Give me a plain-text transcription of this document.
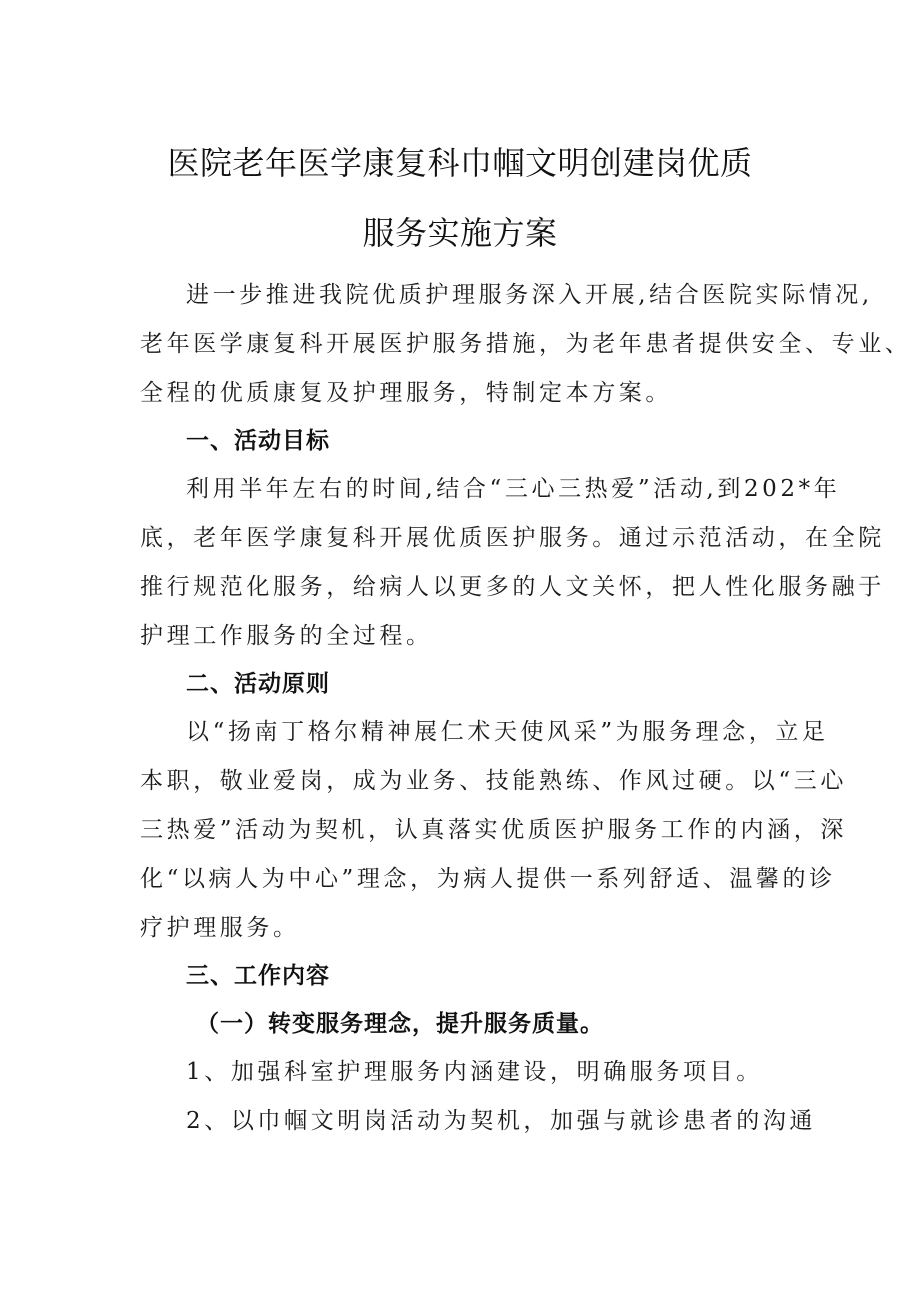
医院老年医学康复科巾帼文明创建岗优质
服务实施方案
进一步推进我院优质护理服务深入开展,结合医院实际情况,
老年医学康复科开展医护服务措施，为老年患者提供安全、专业、
全程的优质康复及护理服务，特制定本方案。
一、活动目标
利用半年左右的时间,结合“三心三热爱”活动,到202*年
底，老年医学康复科开展优质医护服务。通过示范活动，在全院
推行规范化服务，给病人以更多的人文关怀，把人性化服务融于
护理工作服务的全过程。
二、活动原则
以“扬南丁格尔精神展仁术天使风采”为服务理念，立足
本职，敬业爱岗，成为业务、技能熟练、作风过硬。以“三心
三热爱”活动为契机，认真落实优质医护服务工作的内涵，深
化“以病人为中心”理念，为病人提供一系列舒适、温馨的诊
疗护理服务。
三、工作内容
（一）转变服务理念，提升服务质量。
1、加强科室护理服务内涵建设，明确服务项目。
2、以巾帼文明岗活动为契机，加强与就诊患者的沟通
